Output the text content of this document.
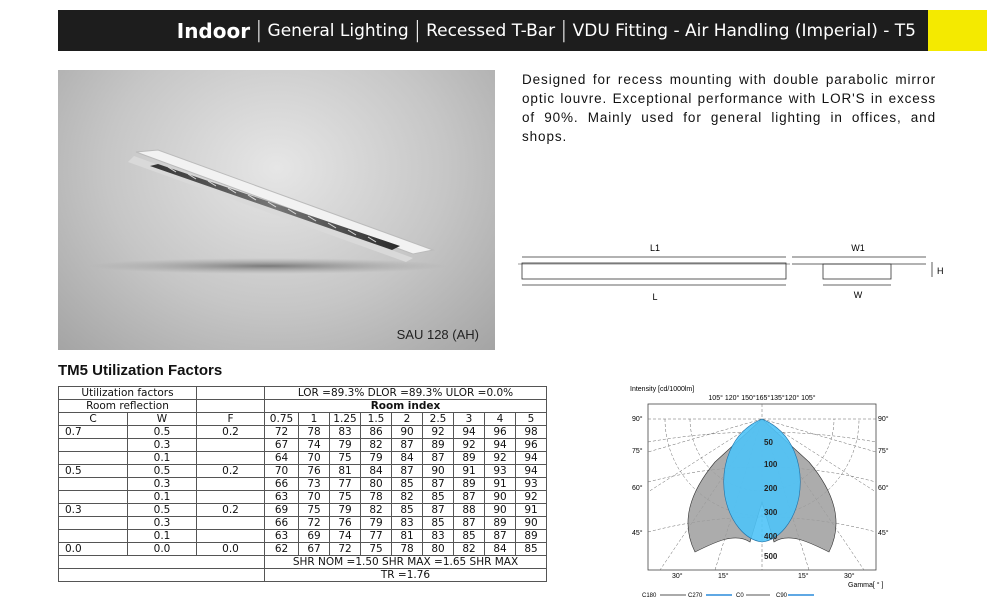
Indoor | General Lighting | Recessed T-Bar | VDU Fitting - Air Handling (Imperial) - T5
SAU 128 (AH)
Designed for recess mounting with double parabolic mirror optic louvre. Exceptional performance with LOR'S in excess of 90%. Mainly used for general lighting in offices, and shops.
L1
L
W1
W
H
TM5 Utilization Factors
Utilization factors			LOR =89.3% DLOR =89.3% ULOR =0.0%								
Room reflection			Room index								
C	W	F	0.75	1	1.25	1.5	2	2.5	3	4	5
0.7	0.5	0.2	72	78	83	86	90	92	94	96	98
	0.3		67	74	79	82	87	89	92	94	96
	0.1		64	70	75	79	84	87	89	92	94
0.5	0.5	0.2	70	76	81	84	87	90	91	93	94
	0.3		66	73	77	80	85	87	89	91	93
	0.1		63	70	75	78	82	85	87	90	92
0.3	0.5	0.2	69	75	79	82	85	87	88	90	91
	0.3		66	72	76	79	83	85	87	89	90
	0.1		63	69	74	77	81	83	85	87	89
0.0	0.0	0.0	62	67	72	75	78	80	82	84	85
			SHR NOM =1.50 SHR MAX =1.65 SHR MAX								
			TR =1.76								
Intensity [cd/1000lm]
105° 120° 150°165°135°120° 105°
50
100
200
300
400
500
90°
75°
60°
45°
90°
75°
60°
45°
30°	15°	15°	30°
Gamma[ ° ]
C180	C270	C0	C90
